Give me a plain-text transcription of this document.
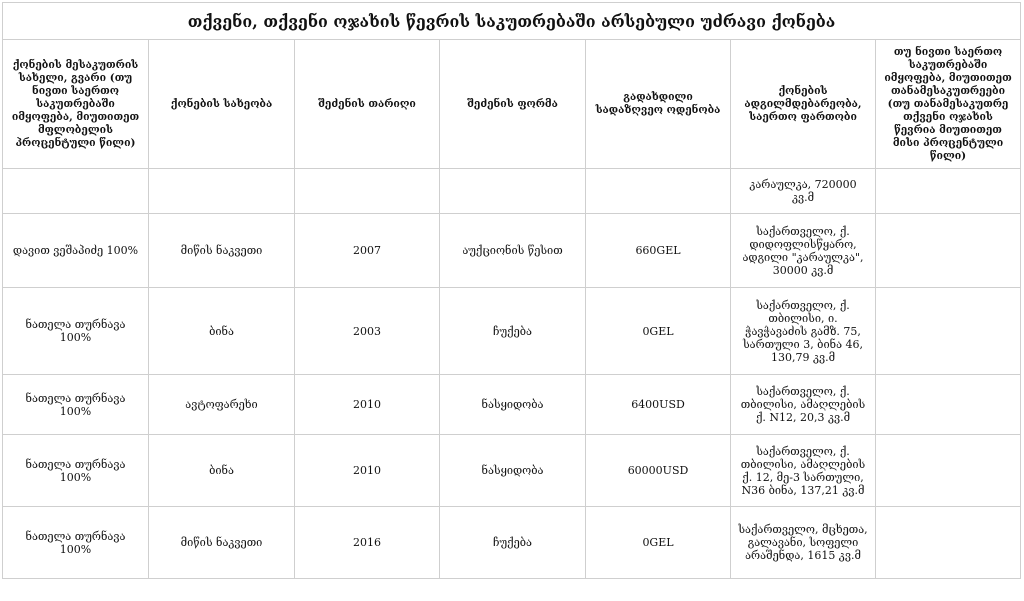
თქვენი, თქვენი ოჯახის წევრის საკუთრებაში არსებული უძრავი ქონება						
ქონების მესაკუთრის სახელი, გვარი (თუ ნივთი საერთო საკუთრებაში იმყოფება, მიუთითეთ მფლობელის პროცენტული წილი)	ქონების სახეობა	შეძენის თარიღი	შეძენის ფორმა	გადახდილი სადაზღვეო ოდენობა	ქონების ადგილმდებარეობა, საერთო ფართობი	თუ ნივთი საერთო საკუთრებაში იმყოფება, მიუთითეთ თანამესაკუთრეები (თუ თანამესაკუთრე თქვენი ოჯახის წევრია მიუთითეთ მისი პროცენტული წილი)
					კარაულკა, 720000 კვ.მ	
დავით ვეშაპიძე 100%	მიწის ნაკვეთი	2007	აუქციონის წესით	660GEL	საქართველო, ქ. დიდოფლისწყარო, ადგილი "კარაულკა", 30000 კვ.მ	
ნათელა თურნავა 100%	ბინა	2003	ჩუქება	0GEL	საქართველო, ქ. თბილისი, ი. ჭავჭავაძის გამზ. 75, სართული 3, ბინა 46, 130,79 კვ.მ	
ნათელა თურნავა 100%	ავტოფარეხი	2010	ნასყიდობა	6400USD	საქართველო, ქ. თბილისი, ამაღლების ქ. N12, 20,3 კვ.მ	
ნათელა თურნავა 100%	ბინა	2010	ნასყიდობა	60000USD	საქართველო, ქ. თბილისი, ამაღლების ქ. 12, მე-3 სართული, N36 ბინა, 137,21 კვ.მ	
ნათელა თურნავა 100%	მიწის ნაკვეთი	2016	ჩუქება	0GEL	საქართველო, მცხეთა, გალავანი, სოფელი არაშენდა, 1615 კვ.მ	
